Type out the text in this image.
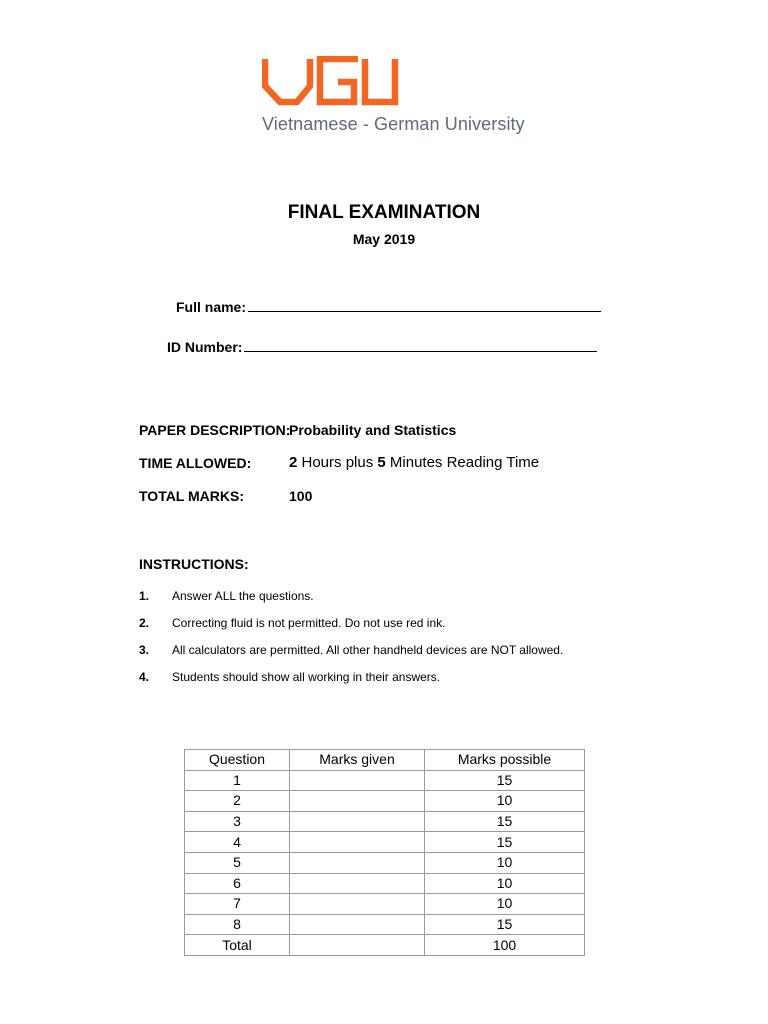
Vietnamese - German University
FINAL EXAMINATION
May 2019
Full name:
ID Number:
PAPER DESCRIPTION:
Probability and Statistics
TIME ALLOWED:	2 Hours plus 5 Minutes Reading Time
TOTAL MARKS:	100
INSTRUCTIONS:
1. Answer ALL the questions.
2. Correcting fluid is not permitted. Do not use red ink.
3. All calculators are permitted. All other handheld devices are NOT allowed.
4. Students should show all working in their answers.
Question	Marks given	Marks possible
1		15
2		10
3		15
4		15
5		10
6		10
7		10
8		15
Total		100
